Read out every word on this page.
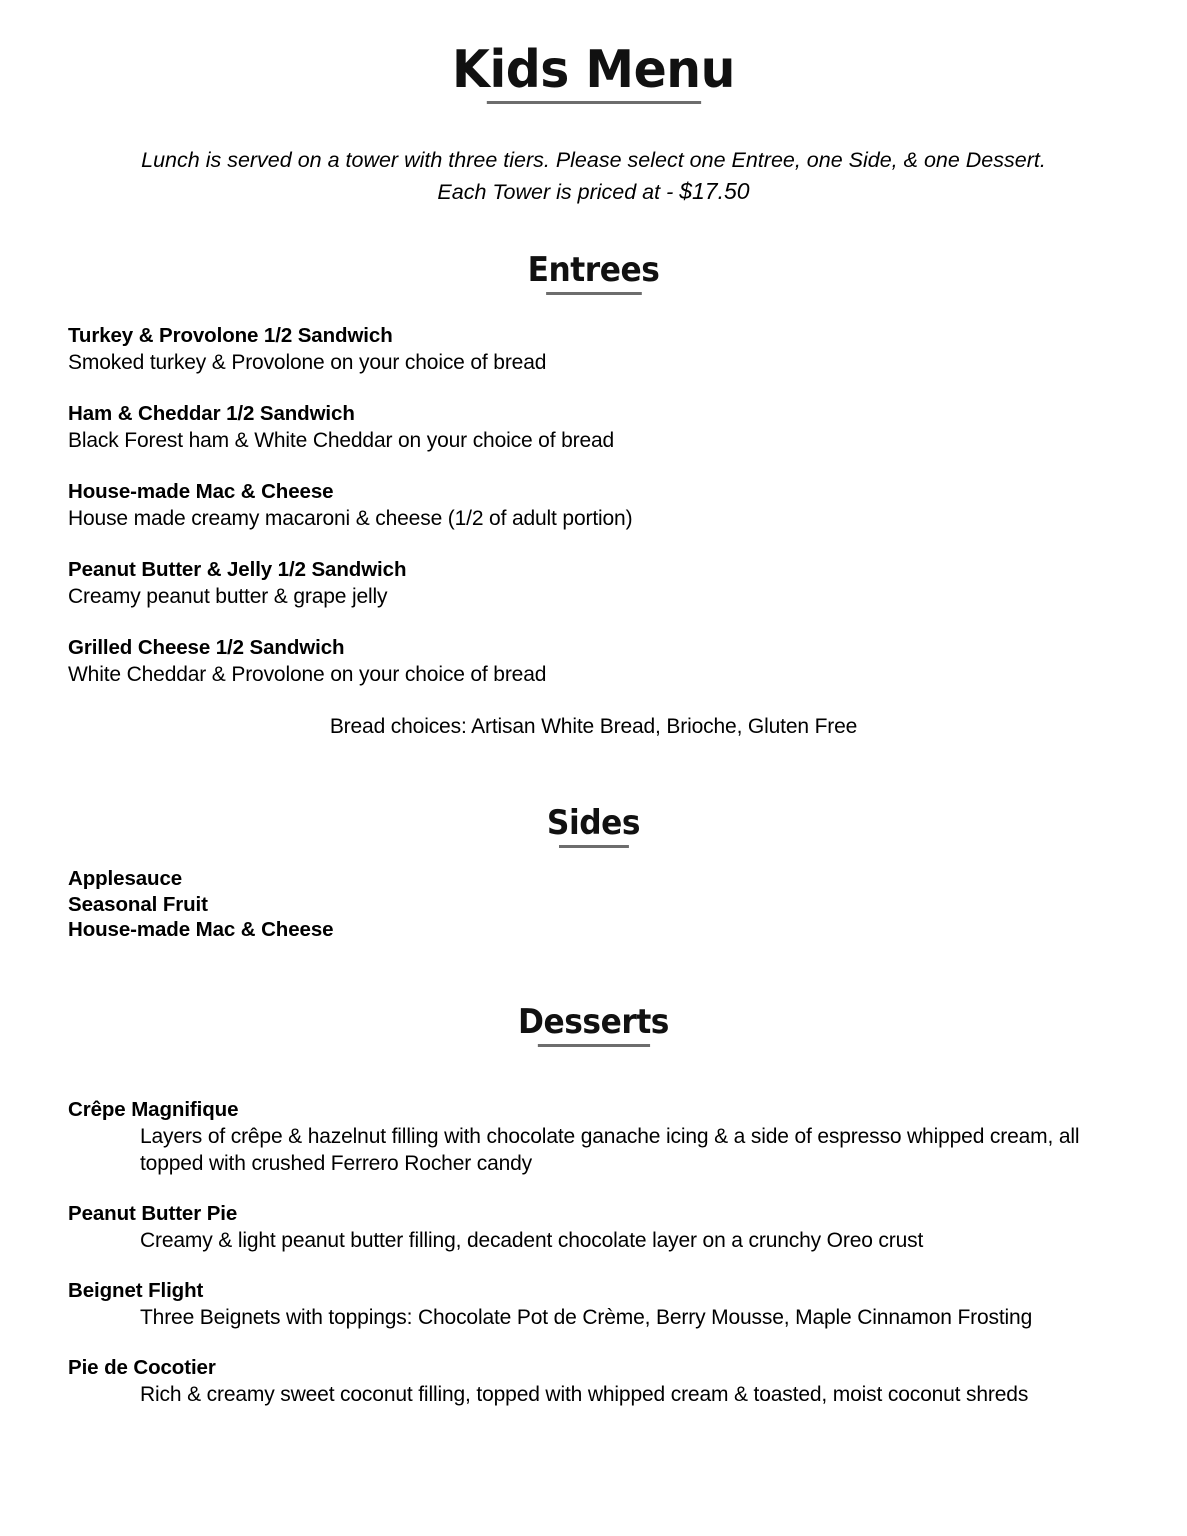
Kids Menu
Lunch is served on a tower with three tiers. Please select one Entree, one Side, & one Dessert.
Each Tower is priced at - $17.50
Entrees
Turkey & Provolone 1/2 Sandwich
Smoked turkey & Provolone on your choice of bread
Ham & Cheddar 1/2 Sandwich
Black Forest ham & White Cheddar on your choice of bread
House-made Mac & Cheese
House made creamy macaroni & cheese (1/2 of adult portion)
Peanut Butter & Jelly 1/2 Sandwich
Creamy peanut butter & grape jelly
Grilled Cheese 1/2 Sandwich
White Cheddar & Provolone on your choice of bread
Bread choices: Artisan White Bread, Brioche, Gluten Free
Sides
Applesauce
Seasonal Fruit
House-made Mac & Cheese
Desserts
Crêpe Magnifique
Layers of crêpe & hazelnut filling with chocolate ganache icing & a side of espresso whipped cream, all topped with crushed Ferrero Rocher candy
Peanut Butter Pie
Creamy & light peanut butter filling, decadent chocolate layer on a crunchy Oreo crust
Beignet Flight
Three Beignets with toppings: Chocolate Pot de Crème, Berry Mousse, Maple Cinnamon Frosting
Pie de Cocotier
Rich & creamy sweet coconut filling, topped with whipped cream & toasted, moist coconut shreds
